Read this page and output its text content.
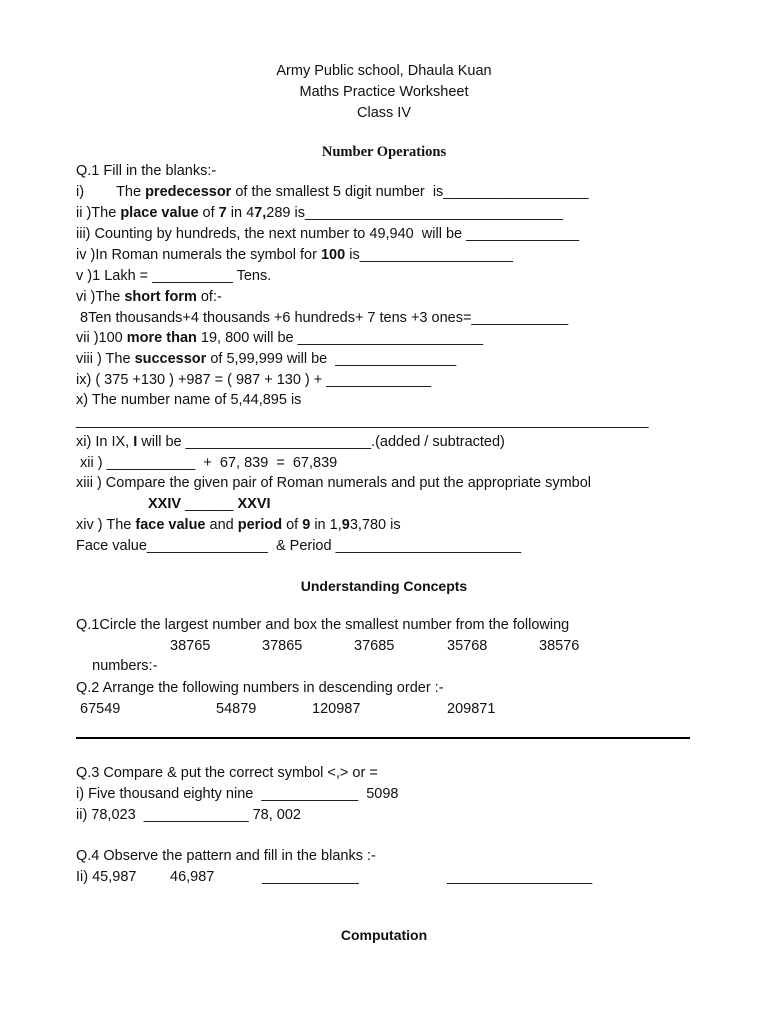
Army Public school, Dhaula Kuan
Maths Practice Worksheet
Class IV
Number Operations
Q.1 Fill in the blanks:-
i) The predecessor of the smallest 5 digit number  is__________________
ii )The place value of 7 in 47,289 is________________________________
iii) Counting by hundreds, the next number to 49,940  will be ______________
iv )In Roman numerals the symbol for 100 is___________________
v )1 Lakh = __________ Tens.
vi )The short form of:-
8Ten thousands+4 thousands +6 hundreds+ 7 tens +3 ones=____________
vii )100 more than 19, 800 will be _______________________
viii ) The successor of 5,99,999 will be  _______________
ix) ( 375 +130 ) +987 = ( 987 + 130 ) + _____________
x) The number name of 5,44,895 is
_______________________________________________________________________
xi) In IX, I will be _______________________.(added / subtracted)
xii ) ___________  +  67, 839  =  67,839
xiii ) Compare the given pair of Roman numerals and put the appropriate symbol
XXIV ______ XXVI
xiv ) The face value and period of 9 in 1,93,780 is
Face value_______________  & Period _______________________
Understanding Concepts
Q.1Circle the largest number and box the smallest number from the following

numbers:-

38765	37865	37685	35768	38576
Q.2 Arrange the following numbers in descending order :-
67549	54879	120987	209871
Q.3 Compare & put the correct symbol <,> or =
i) Five thousand eighty nine  ____________  5098
ii) 78,023  _____________ 78, 002
Q.4 Observe the pattern and fill in the blanks :-
Ii) 45,987 46,987	____________	__________________
Computation
